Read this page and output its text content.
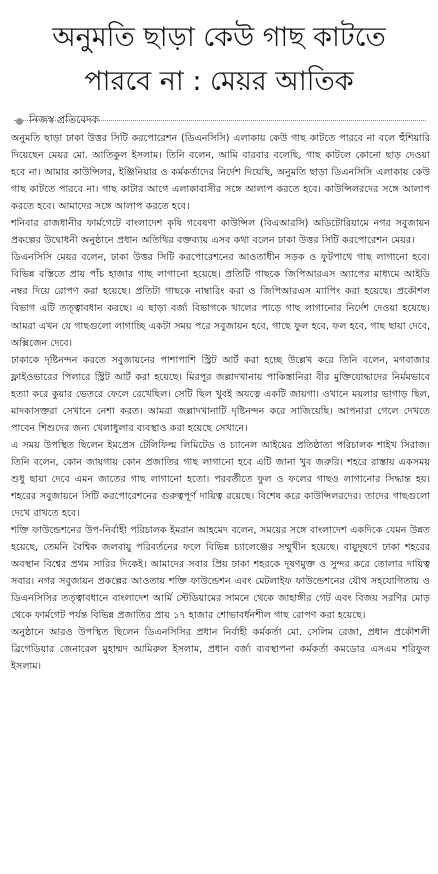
অনুমতি ছাড়া কেউ গাছ কাটতে
পারবে না : মেয়র আতিক
নিজস্ব প্রতিবেদক

অনুমতি ছাড়া ঢাকা উত্তর সিটি করপোরেশন (ডিএনসিসি) এলাকায় কেউ গাছ কাটতে পারবে না বলে হুঁশিয়ারি দিয়েছেন মেয়র মো. আতিকুল ইসলাম। তিনি বলেন, আমি বারবার বলেছি, গাছ কাটলে কোনো ছাড় দেওয়া হবে না। আমার কাউন্সিলর, ইঞ্জিনিয়ার ও কর্মকর্তাদের নির্দেশ দিয়েছি, অনুমতি ছাড়া ডিএনসিসি এলাকায় কেউ গাছ কাটতে পারবে না। গাছ কাটার আগে এলাকাবাসীর সঙ্গে আলাপ করতে হবে। কাউন্সিলরদের সঙ্গে আলাপ করতে হবে। আমাদের সঙ্গে আলাপ করতে হবে।

শনিবার রাজধানীর ফার্মগেটে বাংলাদেশ কৃষি গবেষণা কাউন্সিল (বিএআরসি) অডিটোরিয়ামে নগর সবুজায়ন প্রকল্পের উদ্বোধনী অনুষ্ঠানে প্রধান অতিথির বক্তব্যায় এসব কথা বলেন ঢাকা উত্তর সিটি করপোরেশন মেয়র।

ডিএনসিসি মেয়র বলেন, ঢাকা উত্তর সিটি করপোরেশনের আওতাধীন সড়ক ও ফুটপাথে গাছ লাগানো হবে। বিভিন্ন বস্তিতে প্রায় পাঁচ হাজার গাছ লাগানো হয়েছে। প্রতিটি গাছকে জিপিআরএস অ্যাপের মাধ্যমে আইডি নম্বর দিয়ে রোপণ করা হয়েছে। প্রতিটা গাছকে নাম্বারিং করা ও জিপিআরএস ম্যাপিং করা হয়েছে। প্রকৌশল বিভাগ এটি তত্ত্বাবধান করছে। এ ছাড়া বর্জ্য বিভাগকে খালের পাড়ে গাছ লাগানোর নির্দেশ দেওয়া হয়েছে। আমরা এখন যে গাছগুলো লাগাচ্ছি একটা সময় পরে সবুজায়ন হবে, গাছে ফুল হবে, ফল হবে, গাছ ছায়া দেবে, অক্সিজেন দেবে।

ঢাকাকে দৃষ্টিনন্দন করতে সবুজায়নের পাশাপাশি স্ট্রিট আর্ট করা হচ্ছে উল্লেখ করে তিনি বলেন, মগবাজার ফ্লাইওভারের পিলারে স্ট্রিট আর্ট করা হয়েছে। মিরপুর জল্লাদখানায় পাকিস্তানিরা বীর মুক্তিযোদ্ধাদের নির্মমভাবে হত্যা করে কুয়ার ভেতরে ফেলে রেখেছিল। সেটি ছিল খুবই অযত্নে একটি জায়গা। ওখানে ময়লার ভাগাড় ছিল, মাদকাসক্তরা সেখানে নেশা করত। আমরা জল্লাদখানাটি দৃষ্টিনন্দন করে সাজিয়েছি। আপনারা গেলে দেখতে পাবেন শিশুদের জন্য খেলাধুলার ব্যবস্থাও করা হয়েছে সেখানে।

এ সময় উপস্থিত ছিলেন ইমপ্রেস টেলিফিল্ম লিমিটেড ও চ্যানেল আইয়ের প্রতিষ্ঠাতা পরিচালক শাইখ সিরাজ। তিনি বলেন, কোন জায়গায় কোন প্রজাতির গাছ লাগানো হবে এটি জানা খুব জরুরি। শহরে রাস্তায় একসময় শুধু ছায়া দেবে এমন জাতের গাছ লাগানো হতো। পরবর্তীতে ফুল ও ফলের গাছও লাগানোর সিদ্ধান্ত হয়। শহরের সবুজায়নে সিটি করপোরেশনের গুরুত্বপূর্ণ দায়িত্ব রয়েছে। বিশেষ করে কাউন্সিলরদের। তাদের গাছগুলো দেখে রাখতে হবে।

শক্তি ফাউন্ডেশনের উপ-নির্বাহী পরিচালক ইমরান আহমেদ বলেন, সময়ের সঙ্গে বাংলাদেশ একদিকে যেমন উন্নত হয়েছে, তেমনি বৈশ্বিক জলবায়ু পরিবর্তনের ফলে বিভিন্ন চ্যালেঞ্জের সম্মুখীন হয়েছে। বায়ুদূষণে ঢাকা শহরের অবস্থান বিশ্বের প্রথম সারির দিকেই। আমাদের সবার প্রিয় ঢাকা শহরকে দূষণমুক্ত ও সুন্দর করে তোলার দায়িত্ব সবার। নগর সবুজায়ন প্রকল্পের আওতায় শক্তি ফাউন্ডেশন এবং মেটলাইফ ফাউন্ডেশনের যৌথ সহযোগিতায় ও ডিএনসিসির তত্ত্বাবধানে বাংলাদেশ আর্মি স্টেডিয়ামের সামনে থেকে জাহাঙ্গীর গেট এবং বিজয় সরণির মোড় থেকে ফার্মগেট পর্যন্ত বিভিন্ন প্রজাতির প্রায় ১৭ হাজার শোভাবর্ধনশীল গাছ রোপণ করা হয়েছে।

অনুষ্ঠানে আরও উপস্থিত ছিলেন ডিএনসিসির প্রধান নির্বাহী কর্মকর্তা মো. সেলিম রেজা, প্রধান প্রকৌশলী ব্রিগেডিয়ার জেনারেল মুহাম্মদ আমিরুল ইসলাম, প্রধান বর্জ্য ব্যবস্থাপনা কর্মকর্তা কমডোর এসএম শরিফুল ইসলাম।
